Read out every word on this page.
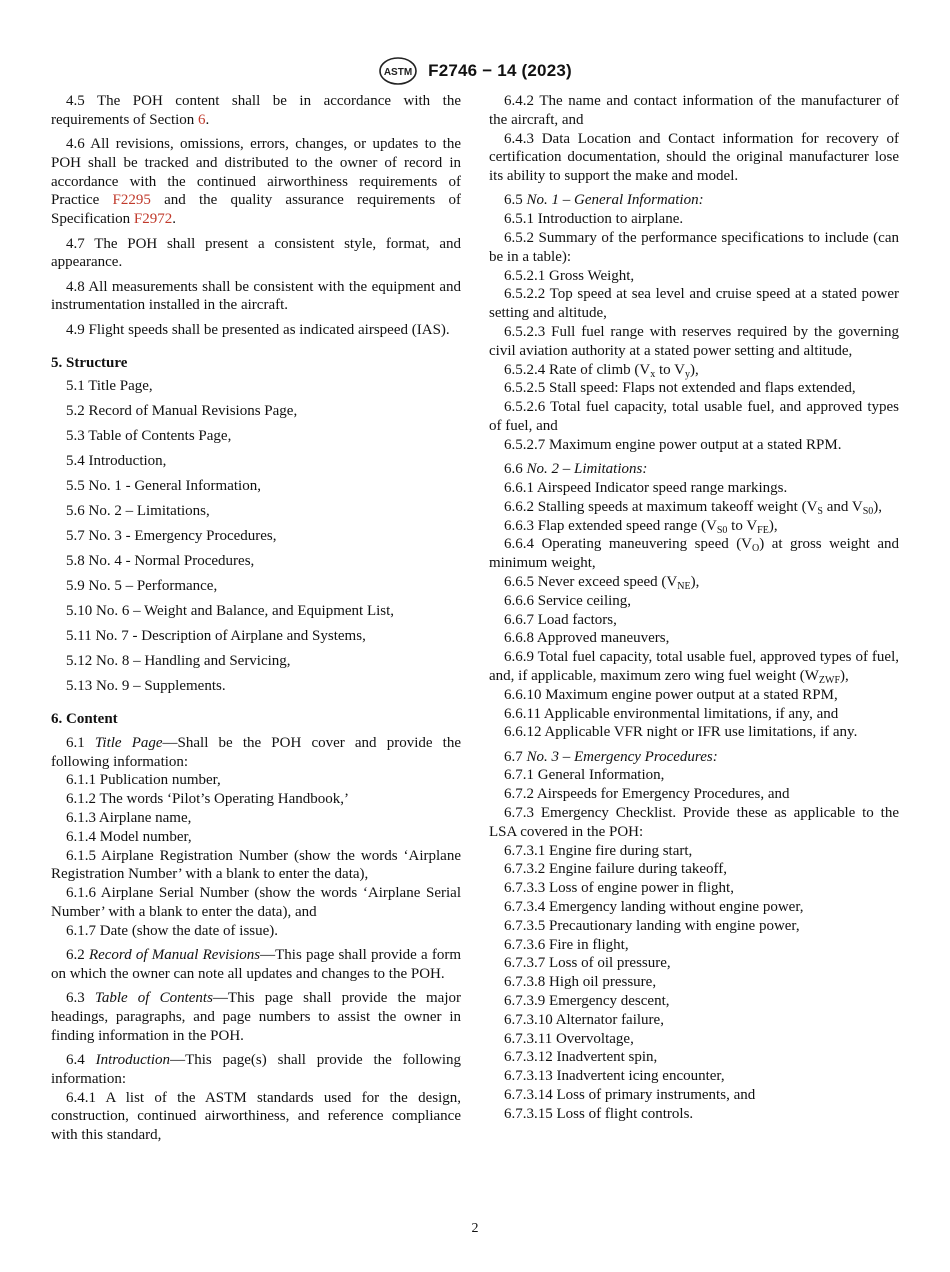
ASTM F2746 − 14 (2023)

4.5 The POH content shall be in accordance with the requirements of Section 6.

4.6 All revisions, omissions, errors, changes, or updates to the POH shall be tracked and distributed to the owner of record in accordance with the continued airworthiness requirements of Practice F2295 and the quality assurance requirements of Specification F2972.

4.7 The POH shall present a consistent style, format, and appearance.

4.8 All measurements shall be consistent with the equipment and instrumentation installed in the aircraft.

4.9 Flight speeds shall be presented as indicated airspeed (IAS).

5. Structure

5.1 Title Page,

5.2 Record of Manual Revisions Page,

5.3 Table of Contents Page,

5.4 Introduction,

5.5 No. 1 - General Information,

5.6 No. 2 – Limitations,

5.7 No. 3 - Emergency Procedures,

5.8 No. 4 - Normal Procedures,

5.9 No. 5 – Performance,

5.10 No. 6 – Weight and Balance, and Equipment List,

5.11 No. 7 - Description of Airplane and Systems,

5.12 No. 8 – Handling and Servicing,

5.13 No. 9 – Supplements.

6. Content

6.1 Title Page—Shall be the POH cover and provide the following information:

6.1.1 Publication number,

6.1.2 The words ‘Pilot’s Operating Handbook,’

6.1.3 Airplane name,

6.1.4 Model number,

6.1.5 Airplane Registration Number (show the words ‘Airplane Registration Number’ with a blank to enter the data),

6.1.6 Airplane Serial Number (show the words ‘Airplane Serial Number’ with a blank to enter the data), and

6.1.7 Date (show the date of issue).

6.2 Record of Manual Revisions—This page shall provide a form on which the owner can note all updates and changes to the POH.

6.3 Table of Contents—This page shall provide the major headings, paragraphs, and page numbers to assist the owner in finding information in the POH.

6.4 Introduction—This page(s) shall provide the following information:

6.4.1 A list of the ASTM standards used for the design, construction, continued airworthiness, and reference compliance with this standard,

6.4.2 The name and contact information of the manufacturer of the aircraft, and

6.4.3 Data Location and Contact information for recovery of certification documentation, should the original manufacturer lose its ability to support the make and model.

6.5 No. 1 – General Information:

6.5.1 Introduction to airplane.

6.5.2 Summary of the performance specifications to include (can be in a table):

6.5.2.1 Gross Weight,

6.5.2.2 Top speed at sea level and cruise speed at a stated power setting and altitude,

6.5.2.3 Full fuel range with reserves required by the governing civil aviation authority at a stated power setting and altitude,

6.5.2.4 Rate of climb ($V_x$ to $V_y$),

6.5.2.5 Stall speed: Flaps not extended and flaps extended,

6.5.2.6 Total fuel capacity, total usable fuel, and approved types of fuel, and

6.5.2.7 Maximum engine power output at a stated RPM.

6.6 No. 2 – Limitations:

6.6.1 Airspeed Indicator speed range markings.

6.6.2 Stalling speeds at maximum takeoff weight ($V_S$ and $V_{S0}$),

6.6.3 Flap extended speed range ($V_{S0}$ to $V_{FE}$),

6.6.4 Operating maneuvering speed $(V_O)$ at gross weight and minimum weight,

6.6.5 Never exceed speed $(V_{NE})$,

6.6.6 Service ceiling,

6.6.7 Load factors,

6.6.8 Approved maneuvers,

6.6.9 Total fuel capacity, total usable fuel, approved types of fuel, and, if applicable, maximum zero wing fuel weight $(W_{ZWF})$,

6.6.10 Maximum engine power output at a stated RPM,

6.6.11 Applicable environmental limitations, if any, and

6.6.12 Applicable VFR night or IFR use limitations, if any.

6.7 No. 3 – Emergency Procedures:

6.7.1 General Information,

6.7.2 Airspeeds for Emergency Procedures, and

6.7.3 Emergency Checklist. Provide these as applicable to the LSA covered in the POH:

6.7.3.1 Engine fire during start,

6.7.3.2 Engine failure during takeoff,

6.7.3.3 Loss of engine power in flight,

6.7.3.4 Emergency landing without engine power,

6.7.3.5 Precautionary landing with engine power,

6.7.3.6 Fire in flight,

6.7.3.7 Loss of oil pressure,

6.7.3.8 High oil pressure,

6.7.3.9 Emergency descent,

6.7.3.10 Alternator failure,

6.7.3.11 Overvoltage,

6.7.3.12 Inadvertent spin,

6.7.3.13 Inadvertent icing encounter,

6.7.3.14 Loss of primary instruments, and

6.7.3.15 Loss of flight controls.

2
